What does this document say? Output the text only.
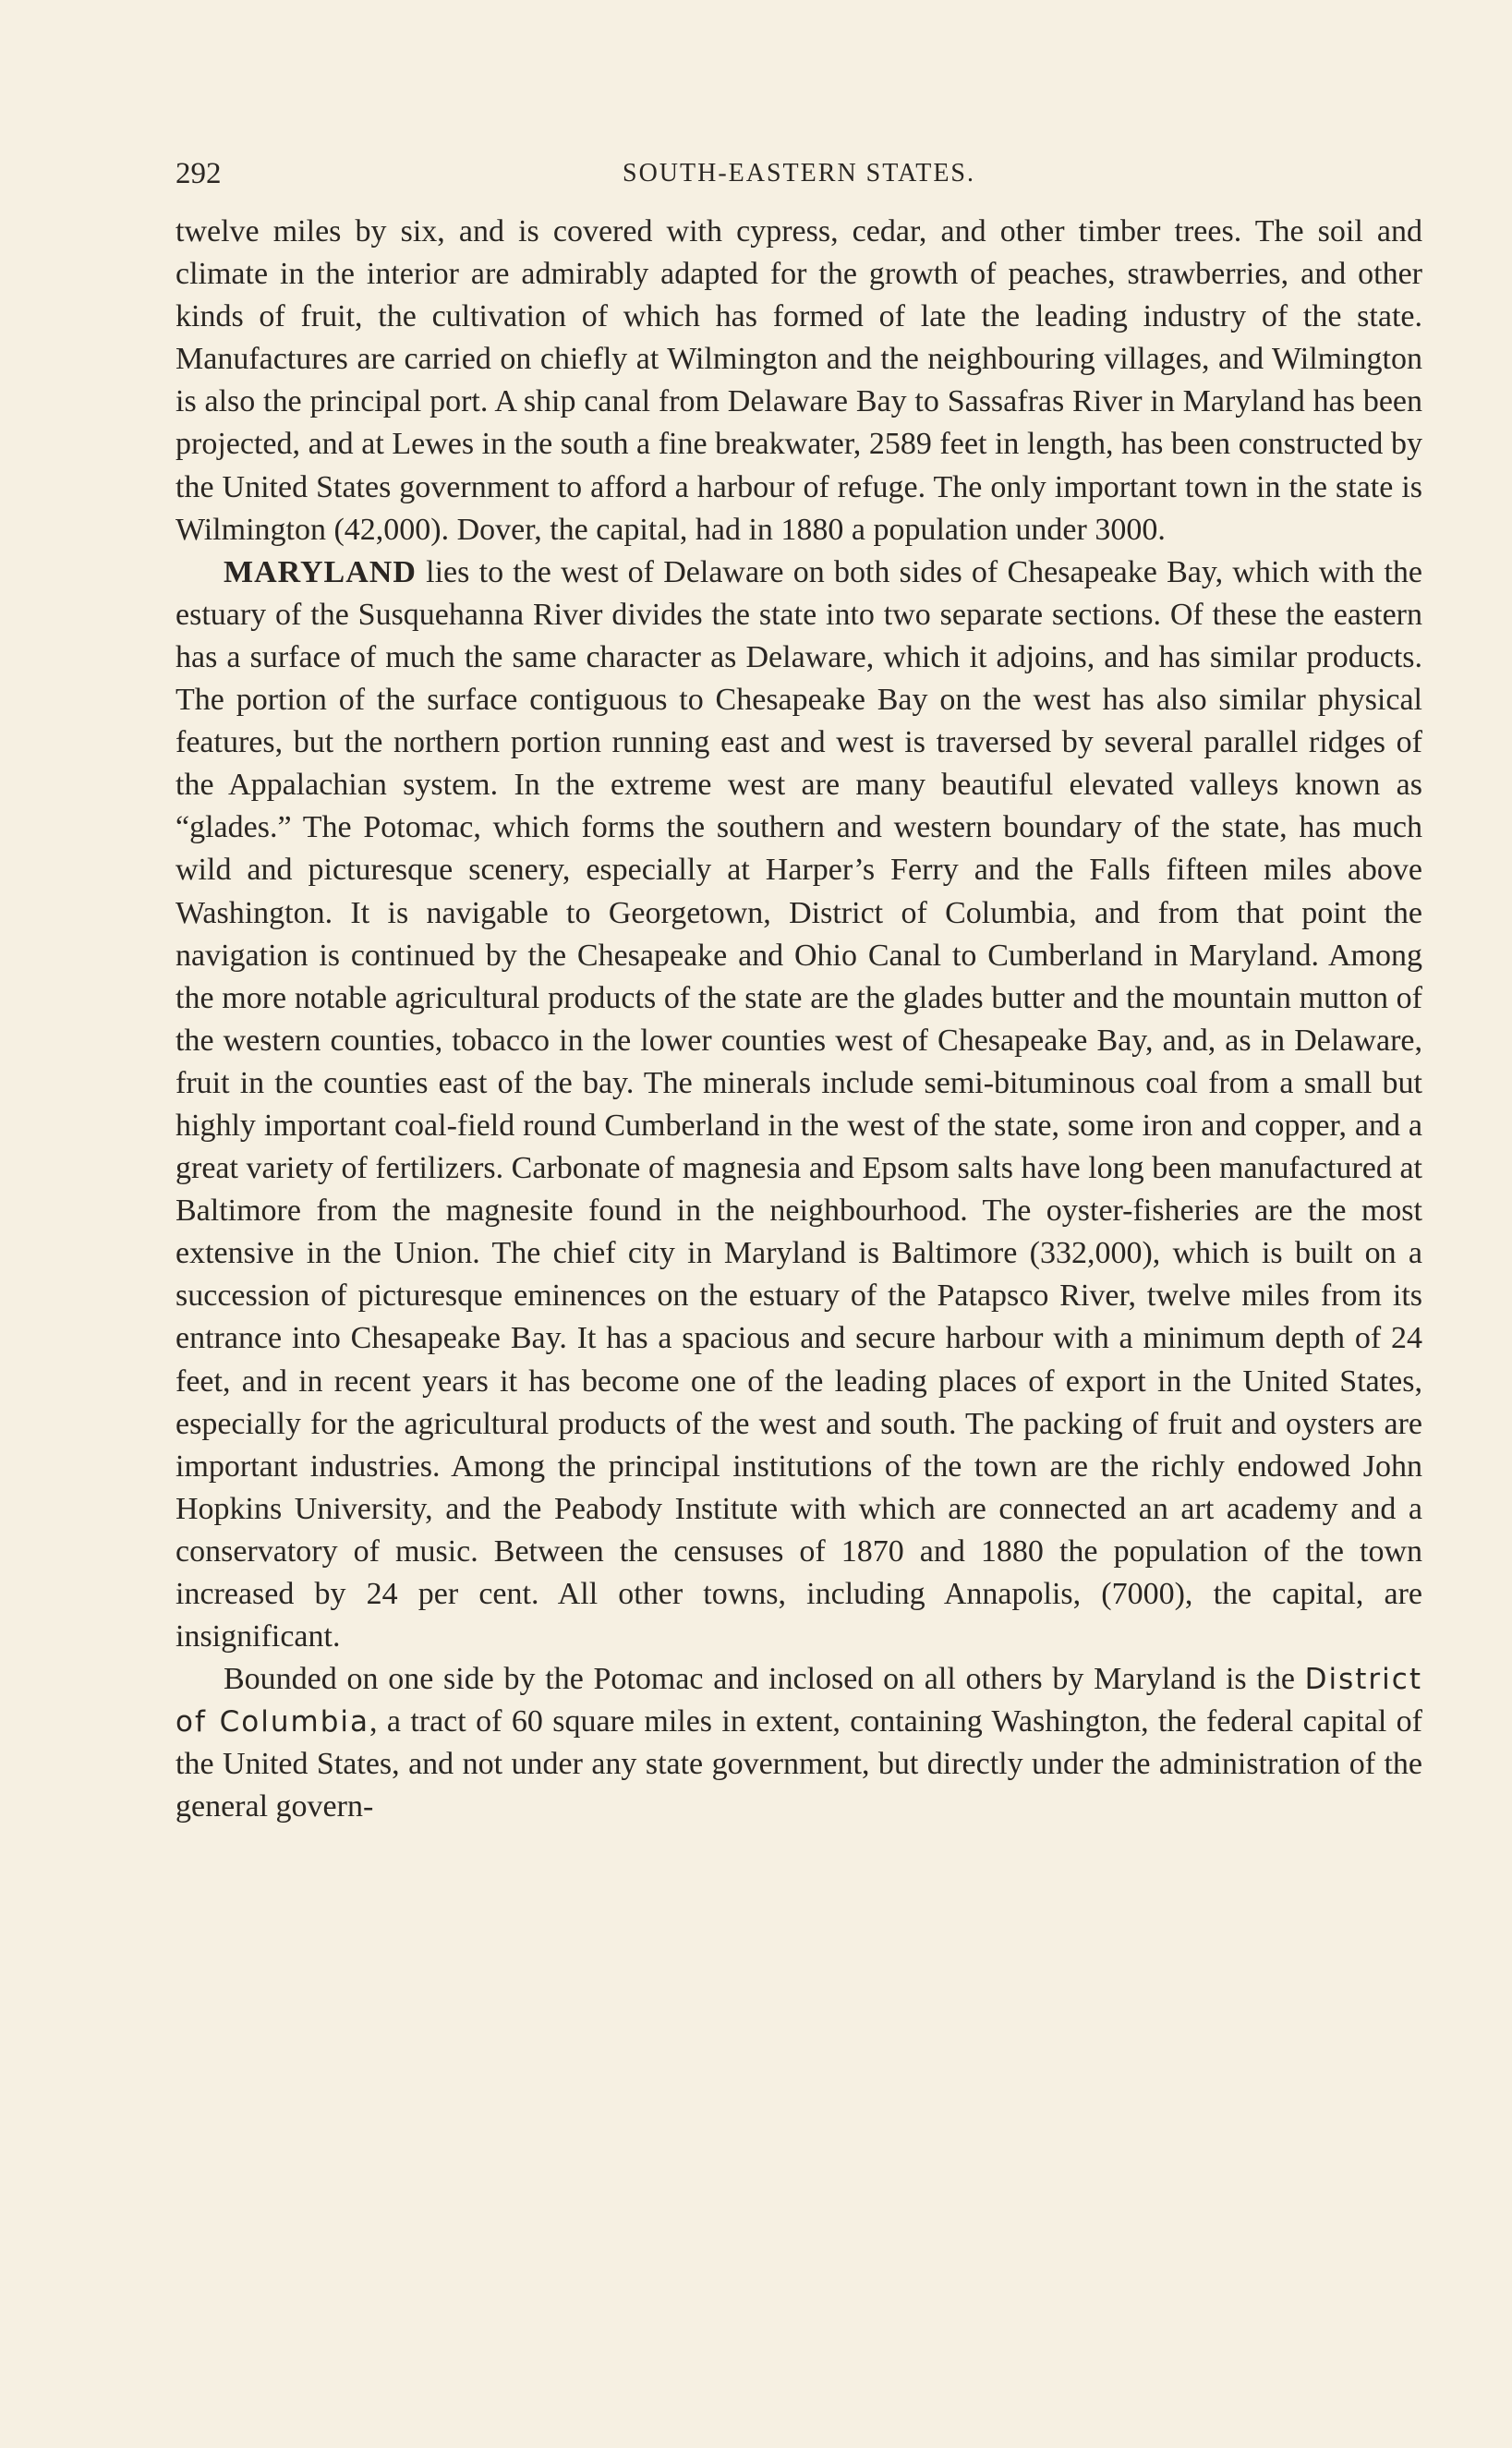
292	SOUTH-EASTERN STATES.

twelve miles by six, and is covered with cypress, cedar, and other timber trees. The soil and climate in the interior are admirably adapted for the growth of peaches, strawberries, and other kinds of fruit, the cultivation of which has formed of late the leading industry of the state. Manufactures are carried on chiefly at Wilmington and the neighbouring villages, and Wilmington is also the principal port. A ship canal from Delaware Bay to Sassafras River in Maryland has been projected, and at Lewes in the south a fine breakwater, 2589 feet in length, has been constructed by the United States government to afford a harbour of refuge. The only important town in the state is Wilmington (42,000). Dover, the capital, had in 1880 a population under 3000.

MARYLAND lies to the west of Delaware on both sides of Chesapeake Bay, which with the estuary of the Susquehanna River divides the state into two separate sections. Of these the eastern has a surface of much the same character as Delaware, which it adjoins, and has similar products. The portion of the surface contiguous to Chesapeake Bay on the west has also similar physical features, but the northern portion running east and west is traversed by several parallel ridges of the Appalachian system. In the extreme west are many beautiful elevated valleys known as “glades.” The Potomac, which forms the southern and western boundary of the state, has much wild and picturesque scenery, especially at Harper’s Ferry and the Falls fifteen miles above Washington. It is navigable to Georgetown, District of Columbia, and from that point the navigation is continued by the Chesapeake and Ohio Canal to Cumberland in Maryland. Among the more notable agricultural products of the state are the glades butter and the mountain mutton of the western counties, tobacco in the lower counties west of Chesapeake Bay, and, as in Delaware, fruit in the counties east of the bay. The minerals include semi-bituminous coal from a small but highly important coal-field round Cumberland in the west of the state, some iron and copper, and a great variety of fertilizers. Carbonate of magnesia and Epsom salts have long been manufactured at Baltimore from the magnesite found in the neighbourhood. The oyster-fisheries are the most extensive in the Union. The chief city in Maryland is Baltimore (332,000), which is built on a succession of picturesque eminences on the estuary of the Patapsco River, twelve miles from its entrance into Chesapeake Bay. It has a spacious and secure harbour with a minimum depth of 24 feet, and in recent years it has become one of the leading places of export in the United States, especially for the agricultural products of the west and south. The packing of fruit and oysters are important industries. Among the principal institutions of the town are the richly endowed John Hopkins University, and the Peabody Institute with which are connected an art academy and a conservatory of music. Between the censuses of 1870 and 1880 the population of the town increased by 24 per cent. All other towns, including Annapolis, (7000), the capital, are insignificant.

Bounded on one side by the Potomac and inclosed on all others by Maryland is the District of Columbia, a tract of 60 square miles in extent, containing Washington, the federal capital of the United States, and not under any state government, but directly under the administration of the general govern-
